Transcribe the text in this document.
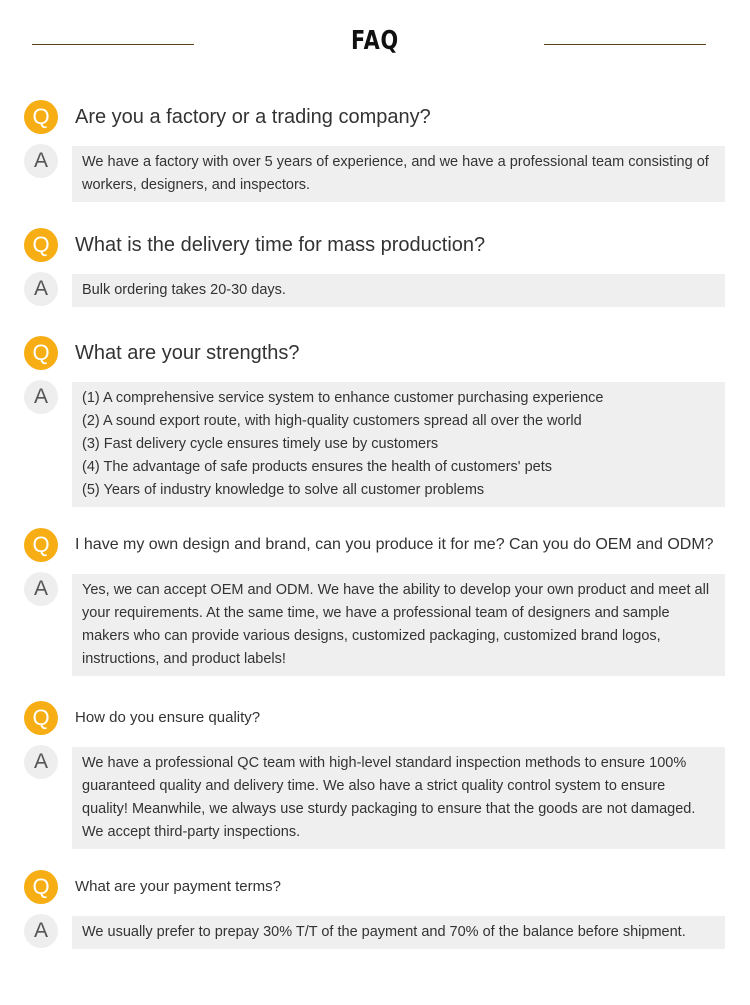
FAQ
Q	Are you a factory or a trading company?
A	We have a factory with over 5 years of experience, and we have a professional team consisting of workers, designers, and inspectors.
Q	What is the delivery time for mass production?
A	Bulk ordering takes 20-30 days.
Q	What are your strengths?
A	(1) A comprehensive service system to enhance customer purchasing experience
(2) A sound export route, with high-quality customers spread all over the world
(3) Fast delivery cycle ensures timely use by customers
(4) The advantage of safe products ensures the health of customers' pets
(5) Years of industry knowledge to solve all customer problems
Q	I have my own design and brand, can you produce it for me? Can you do OEM and ODM?
A	Yes, we can accept OEM and ODM. We have the ability to develop your own product and meet all your requirements. At the same time, we have a professional team of designers and sample makers who can provide various designs, customized packaging, customized brand logos, instructions, and product labels!
Q	How do you ensure quality?
A	We have a professional QC team with high-level standard inspection methods to ensure 100% guaranteed quality and delivery time. We also have a strict quality control system to ensure quality! Meanwhile, we always use sturdy packaging to ensure that the goods are not damaged. We accept third-party inspections.
Q	What are your payment terms?
A	We usually prefer to prepay 30% T/T of the payment and 70% of the balance before shipment.
